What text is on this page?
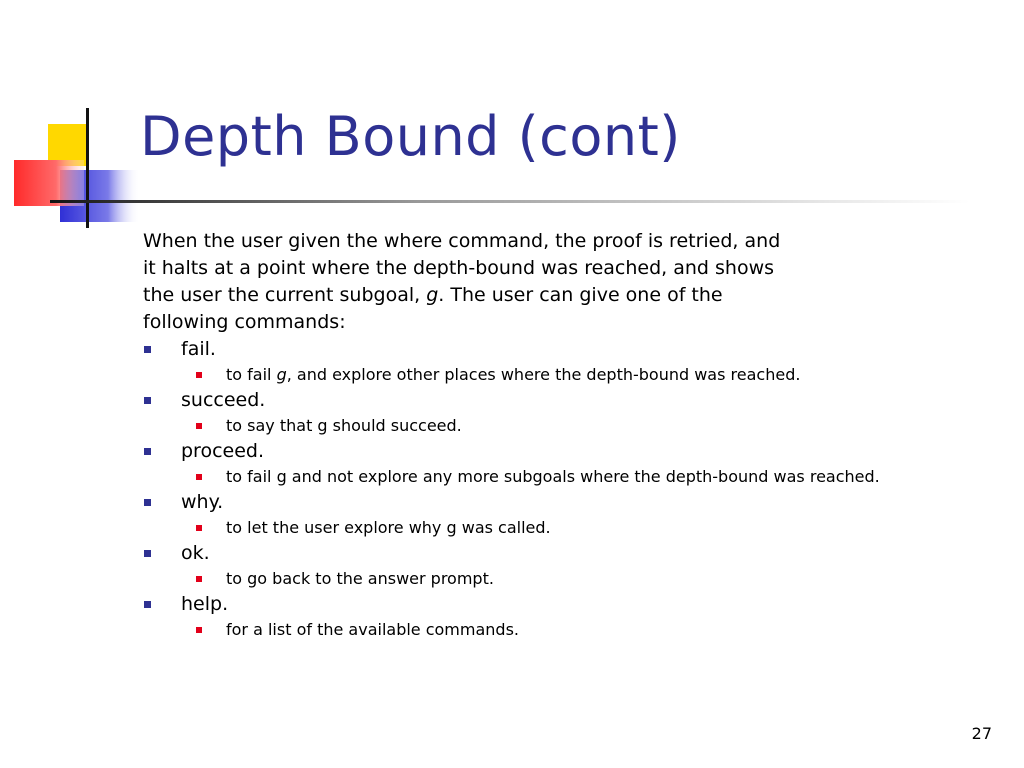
Depth Bound (cont)

When the user given the where command, the proof is retried, and

it halts at a point where the depth-bound was reached, and shows

the user the current subgoal, g. The user can give one of the

following commands:

fail.
to fail g, and explore other places where the depth-bound was reached.
succeed.
to say that g should succeed.
proceed.
to fail g and not explore any more subgoals where the depth-bound was reached.
why.
to let the user explore why g was called.
ok.
to go back to the answer prompt.
help.
for a list of the available commands.
27
